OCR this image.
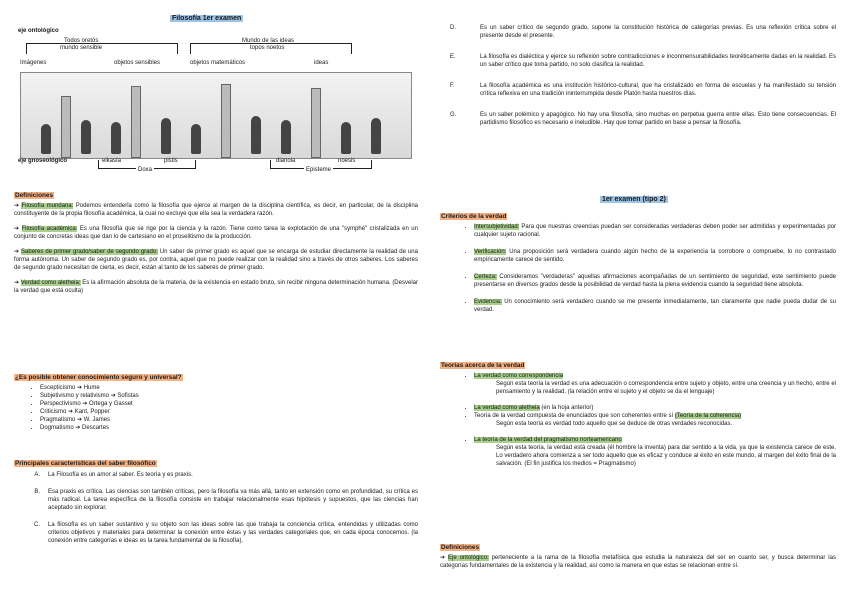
Filosofía 1er examen
eje ontológico
Todos oretós
mundo sensible
Mundo de las ideas
topos noetos
Imágenes	objetos sensibles	objetos matemáticos	ideas
eje gnoseológico	eikasía	pistis	dianoia	noesis
Doxa	Episteme
Definiciones

➔ Filosofía mundana: Podemos entenderla como la filosofía que ejerce al margen de la disciplina científica, es decir, en particular, de la disciplina constituyente de la propia filosofía académica, la cual no excluye que ella sea la verdadera razón.

➔ Filosofía académica: Es una filosofía que se rige por la ciencia y la razón. Tiene como tarea la explotación de una "symphé" cristalizada en un conjunto de concretas ideas que dan lo de cartesiano en el proselitismo de la producción.

➔ Saberes de primer grado/saber de segundo grado: Un saber de primer grado es aquel que se encarga de estudiar directamente la realidad de una forma autónoma. Un saber de segundo grado es, por contra, aquel que no puede realizar con la realidad sino a través de otros saberes. Los saberes de segundo grado necesitan de cierta, es decir, están al tanto de los saberes de primer grado.

➔ Verdad como aletheia: Es la afirmación absoluta de la materia, de la existencia en estado bruto, sin recibir ninguna determinación humana. (Desvelar la verdad que está oculta)

¿Es posible obtener conocimiento seguro y universal?
• Escepticismo ➔ Hume
• Subjetivismo y relativismo ➔ Sofistas
• Perspectivismo ➔ Ortega y Gasset
• Criticismo ➔ Kant, Popper
• Pragmatismo ➔ W. James
• Dogmatismo ➔ Descartes
Principales características del saber filosófico
A.	La Filosofía es un amor al saber. Es teoría y es praxis.

B.	Esa praxis es crítica. Las ciencias son también críticas, pero la filosofía va más allá, tanto en extensión como en profundidad, su crítica es más radical. La tarea específica de la filosofía consiste en trabajar relacionalmente esas hipótesis y supuestos, que las ciencias han aceptado sin explorar.

C.	La filosofía es un saber sustantivo y su objeto son las ideas sobre las que trabaja la conciencia crítica, entendidas y utilizadas como criterios objetivos y materiales para determinar la conexión entre éstas y las verdades categoriales que, en cada época conocemos. (la conexión entre categorías e ideas es la tarea fundamental de la filosofía).

D.	Es un saber crítico de segundo grado, supone la constitución histórica de categorías previas. Es una reflexión crítica sobre el presente desde el presente.

E.	La filosofía es dialéctica y ejerce su reflexión sobre contradicciones e inconmensurabilidades teoréticamente dadas en la realidad. Es un saber crítico que toma partido, no solo clasifica la realidad.

F.	La filosofía académica es una institución histórico-cultural, que ha cristalizado en forma de escuelas y ha manifestado su tensión crítica reflexiva en una tradición ininterrumpida desde Platón hasta nuestros días.

G.	Es un saber polémico y apagógico. No hay una filosofía, sino muchas en perpetua guerra entre ellas. Esto tiene consecuencias. El partidismo filosófico es necesario e ineludible. Hay que tomar partido en base a pensar la filosofía.

1er examen (tipo 2)
Criterios de la verdad
• Intersubjetividad: Para que nuestras creencias puedan ser consideradas verdaderas deben poder ser admitidas y experimentadas por cualquier sujeto racional.
• Verificación: Una proposición será verdadera cuando algún hecho de la experiencia la corrobore o compruebe, lo no contrastado empíricamente carece de sentido.
• Certeza: Consideramos "verdaderas" aquellas afirmaciones acompañadas de un sentimiento de seguridad, este sentimiento puede presentarse en diversos grados desde la posibilidad de verdad hasta la plena evidencia cuando la seguridad tiene absoluta.
• Evidencia: Un conocimiento será verdadero cuando se me presente inmediatamente, tan claramente que nadie pueda dudar de su verdad.
Teorías acerca de la verdad
• La verdad como correspondencia

Según esta teoría la verdad es una adecuación o correspondencia entre sujeto y objeto, entre una creencia y un hecho, entre el pensamiento y la realidad. (la relación entre el sujeto y el objeto se da el lenguaje)

• La verdad como aletheia (en la hoja anterior)
• Teoría de la verdad compuesta de enunciados que son coherentes entre sí (Teoría de la coherencia)

Según esta teoría es verdad todo aquello que se deduce de otras verdades reconocidas.

• La teoría de la verdad del pragmatismo norteamericano

Según esta teoría, la verdad está creada (él hombre la inventa) para dar sentido a la vida, ya que la existencia carece de este. Lo verdadero ahora comienza a ser todo aquello que es eficaz y conduce al éxito en este mundo, al margen del éxito final de la salvación. (El fin justifica los medios = Pragmatismo)

Definiciones

➔ Eje ontológico: perteneciente a la rama de la filosofía metafísica que estudia la naturaleza del ser en cuanto ser, y busca determinar las categorías fundamentales de la existencia y la realidad, así como la manera en que estas se relacionan entre sí.
